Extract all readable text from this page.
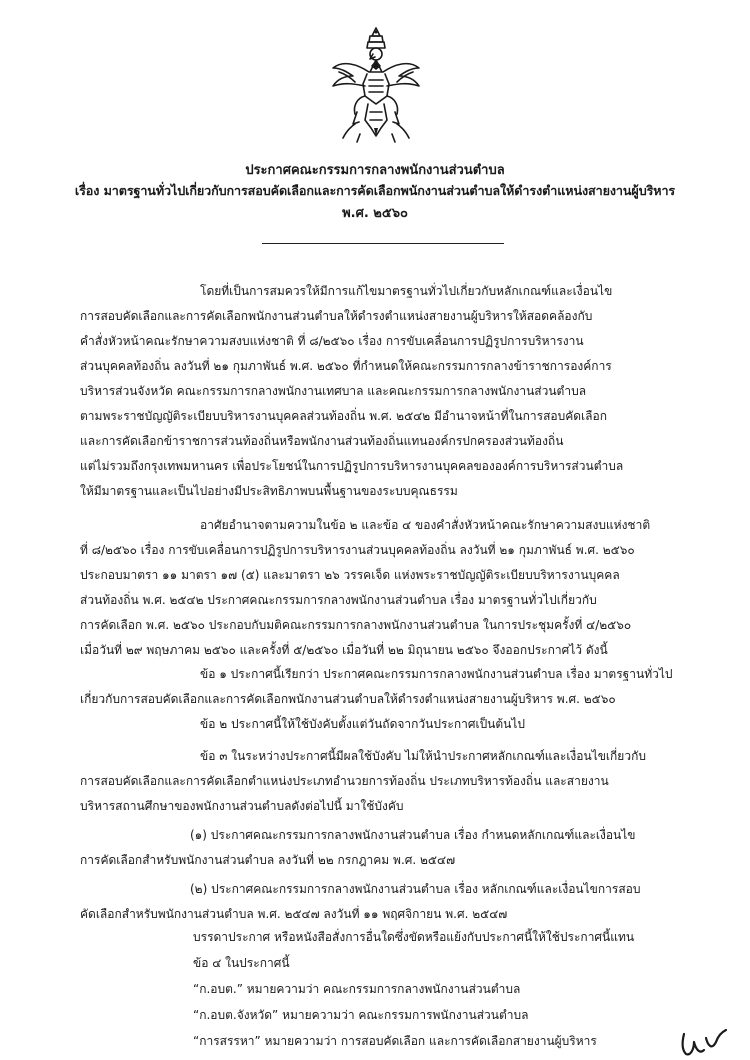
ประกาศคณะกรรมการกลางพนักงานส่วนตำบล
เรื่อง มาตรฐานทั่วไปเกี่ยวกับการสอบคัดเลือกและการคัดเลือกพนักงานส่วนตำบลให้ดำรงตำแหน่งสายงานผู้บริหาร
พ.ศ. ๒๕๖๐
โดยที่เป็นการสมควรให้มีการแก้ไขมาตรฐานทั่วไปเกี่ยวกับหลักเกณฑ์และเงื่อนไข
การสอบคัดเลือกและการคัดเลือกพนักงานส่วนตำบลให้ดำรงตำแหน่งสายงานผู้บริหารให้สอดคล้องกับ
คำสั่งหัวหน้าคณะรักษาความสงบแห่งชาติ ที่ ๘/๒๕๖๐ เรื่อง การขับเคลื่อนการปฏิรูปการบริหารงาน
ส่วนบุคคลท้องถิ่น ลงวันที่ ๒๑ กุมภาพันธ์ พ.ศ. ๒๕๖๐ ที่กำหนดให้คณะกรรมการกลางข้าราชการองค์การ
บริหารส่วนจังหวัด คณะกรรมการกลางพนักงานเทศบาล และคณะกรรมการกลางพนักงานส่วนตำบล
ตามพระราชบัญญัติระเบียบบริหารงานบุคคลส่วนท้องถิ่น พ.ศ. ๒๕๔๒ มีอำนาจหน้าที่ในการสอบคัดเลือก
และการคัดเลือกข้าราชการส่วนท้องถิ่นหรือพนักงานส่วนท้องถิ่นแทนองค์กรปกครองส่วนท้องถิ่น
แต่ไม่รวมถึงกรุงเทพมหานคร เพื่อประโยชน์ในการปฏิรูปการบริหารงานบุคคลขององค์การบริหารส่วนตำบล
ให้มีมาตรฐานและเป็นไปอย่างมีประสิทธิภาพบนพื้นฐานของระบบคุณธรรม
อาศัยอำนาจตามความในข้อ ๒ และข้อ ๔ ของคำสั่งหัวหน้าคณะรักษาความสงบแห่งชาติ
ที่ ๘/๒๕๖๐ เรื่อง การขับเคลื่อนการปฏิรูปการบริหารงานส่วนบุคคลท้องถิ่น ลงวันที่ ๒๑ กุมภาพันธ์ พ.ศ. ๒๕๖๐
ประกอบมาตรา ๑๑ มาตรา ๑๗ (๕) และมาตรา ๒๖ วรรคเจ็ด แห่งพระราชบัญญัติระเบียบบริหารงานบุคคล
ส่วนท้องถิ่น พ.ศ. ๒๕๔๒ ประกาศคณะกรรมการกลางพนักงานส่วนตำบล เรื่อง มาตรฐานทั่วไปเกี่ยวกับ
การคัดเลือก พ.ศ. ๒๕๖๐ ประกอบกับมติคณะกรรมการกลางพนักงานส่วนตำบล ในการประชุมครั้งที่ ๔/๒๕๖๐
เมื่อวันที่ ๒๙ พฤษภาคม ๒๕๖๐ และครั้งที่ ๕/๒๕๖๐ เมื่อวันที่ ๒๒ มิถุนายน ๒๕๖๐ จึงออกประกาศไว้ ดังนี้
ข้อ ๑ ประกาศนี้เรียกว่า ประกาศคณะกรรมการกลางพนักงานส่วนตำบล เรื่อง มาตรฐานทั่วไป
เกี่ยวกับการสอบคัดเลือกและการคัดเลือกพนักงานส่วนตำบลให้ดำรงตำแหน่งสายงานผู้บริหาร พ.ศ. ๒๕๖๐
ข้อ ๒ ประกาศนี้ให้ใช้บังคับตั้งแต่วันถัดจากวันประกาศเป็นต้นไป
ข้อ ๓ ในระหว่างประกาศนี้มีผลใช้บังคับ ไม่ให้นำประกาศหลักเกณฑ์และเงื่อนไขเกี่ยวกับ
การสอบคัดเลือกและการคัดเลือกตำแหน่งประเภทอำนวยการท้องถิ่น ประเภทบริหารท้องถิ่น และสายงาน
บริหารสถานศึกษาของพนักงานส่วนตำบลดังต่อไปนี้ มาใช้บังคับ
(๑) ประกาศคณะกรรมการกลางพนักงานส่วนตำบล เรื่อง กำหนดหลักเกณฑ์และเงื่อนไข
การคัดเลือกสำหรับพนักงานส่วนตำบล ลงวันที่ ๒๒ กรกฎาคม พ.ศ. ๒๕๔๗
(๒) ประกาศคณะกรรมการกลางพนักงานส่วนตำบล เรื่อง หลักเกณฑ์และเงื่อนไขการสอบ
คัดเลือกสำหรับพนักงานส่วนตำบล พ.ศ. ๒๕๔๗ ลงวันที่ ๑๑ พฤศจิกายน พ.ศ. ๒๕๔๗
บรรดาประกาศ หรือหนังสือสั่งการอื่นใดซึ่งขัดหรือแย้งกับประกาศนี้ให้ใช้ประกาศนี้แทน
ข้อ ๔ ในประกาศนี้
“ก.อบต.” หมายความว่า คณะกรรมการกลางพนักงานส่วนตำบล
“ก.อบต.จังหวัด” หมายความว่า คณะกรรมการพนักงานส่วนตำบล
“การสรรหา” หมายความว่า การสอบคัดเลือก และการคัดเลือกสายงานผู้บริหาร
